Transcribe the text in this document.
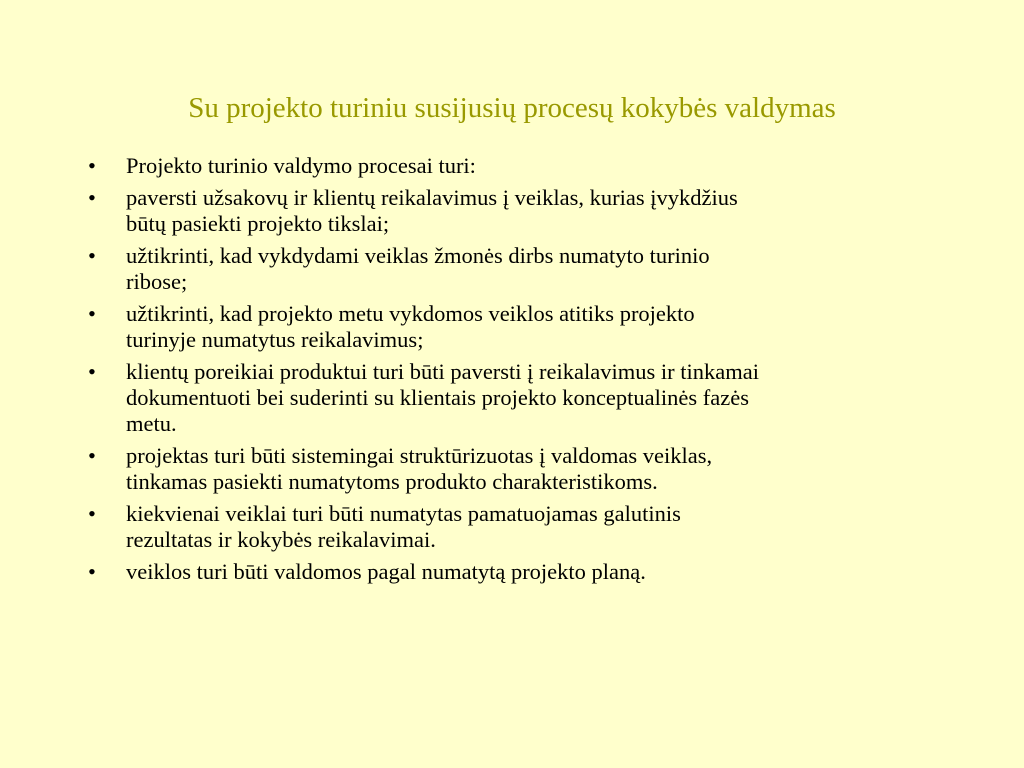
Su projekto turiniu susijusių procesų kokybės valdymas
•	Projekto turinio valdymo procesai turi:
•	paversti užsakovų ir klientų reikalavimus į veiklas, kurias įvykdžius
būtų pasiekti projekto tikslai;
•	užtikrinti, kad vykdydami veiklas žmonės dirbs numatyto turinio
ribose;
•	užtikrinti, kad projekto metu vykdomos veiklos atitiks projekto
turinyje numatytus reikalavimus;
•	klientų poreikiai produktui turi būti paversti į reikalavimus ir tinkamai
dokumentuoti bei suderinti su klientais projekto konceptualinės fazės
metu.
•	projektas turi būti sistemingai struktūrizuotas į valdomas veiklas,
tinkamas pasiekti numatytoms produkto charakteristikoms.
•	kiekvienai veiklai turi būti numatytas pamatuojamas galutinis
rezultatas ir kokybės reikalavimai.
•	veiklos turi būti valdomos pagal numatytą projekto planą.
